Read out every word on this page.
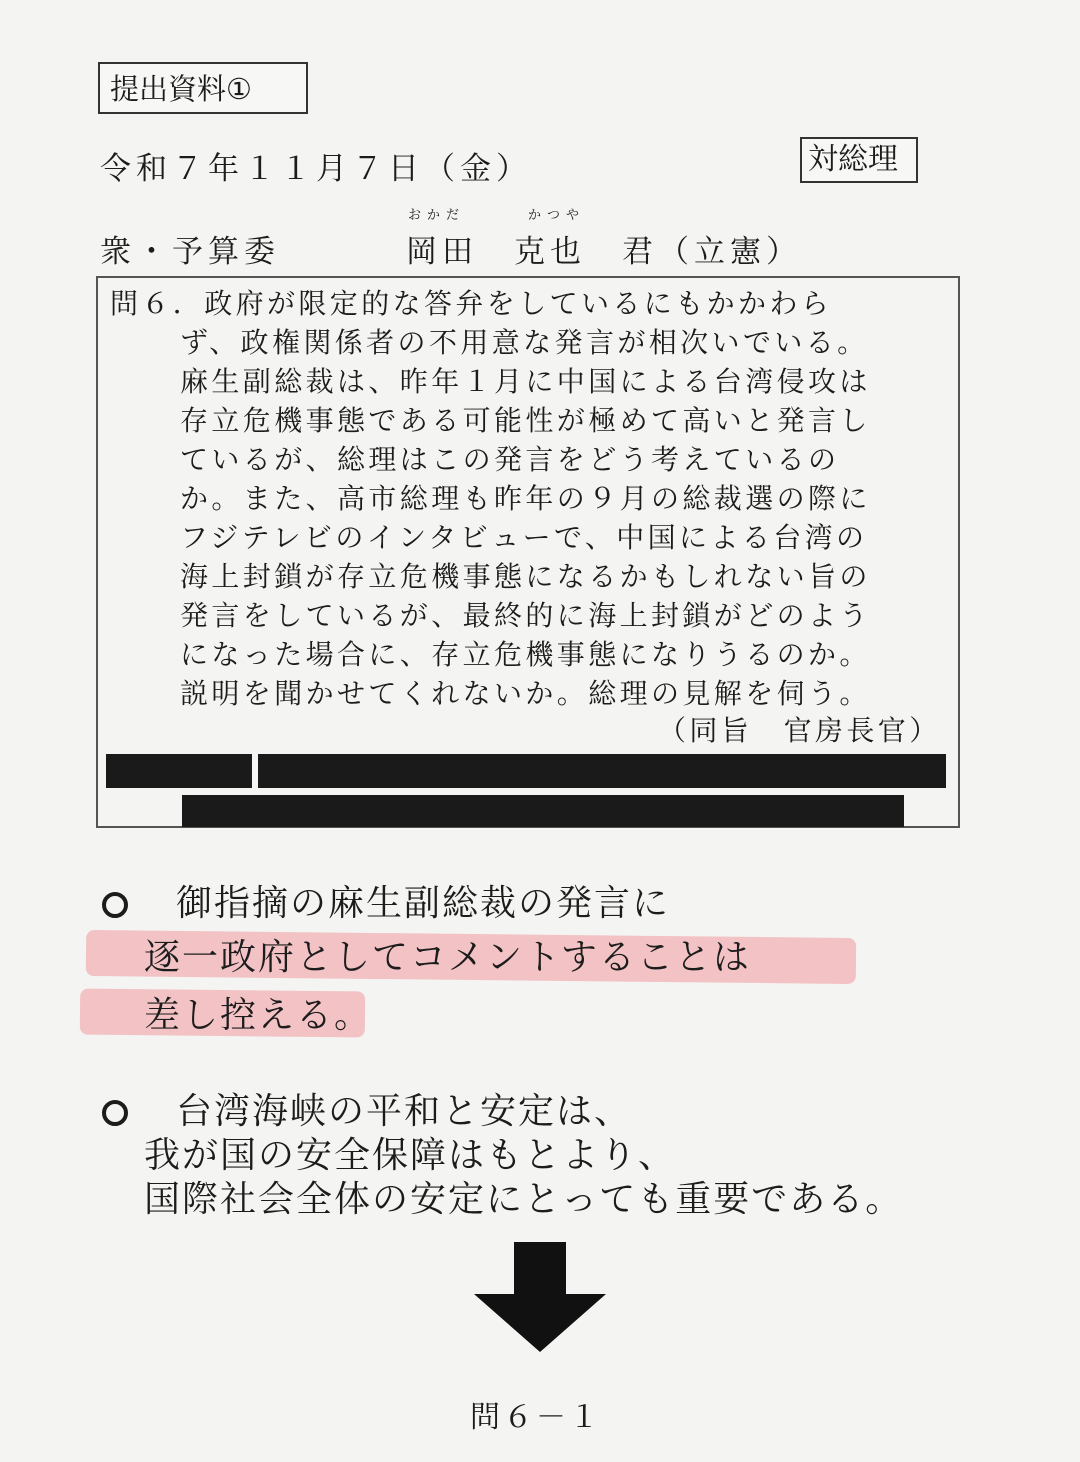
提出資料①
令和７年１１月７日（金）	対総理
衆・予算委
おかだ	かつや
岡田　克也　君（立憲）
問６．政府が限定的な答弁をしているにもかかわら
ず、政権関係者の不用意な発言が相次いでいる。
麻生副総裁は、昨年１月に中国による台湾侵攻は
存立危機事態である可能性が極めて高いと発言し
ているが、総理はこの発言をどう考えているの
か。また、高市総理も昨年の９月の総裁選の際に
フジテレビのインタビューで、中国による台湾の
海上封鎖が存立危機事態になるかもしれない旨の
発言をしているが、最終的に海上封鎖がどのよう
になった場合に、存立危機事態になりうるのか。
説明を聞かせてくれないか。総理の見解を伺う。
（同旨　官房長官）
御指摘の麻生副総裁の発言に
逐一政府としてコメントすることは
差し控える。
台湾海峡の平和と安定は、
我が国の安全保障はもとより、
国際社会全体の安定にとっても重要である。
問６－１
